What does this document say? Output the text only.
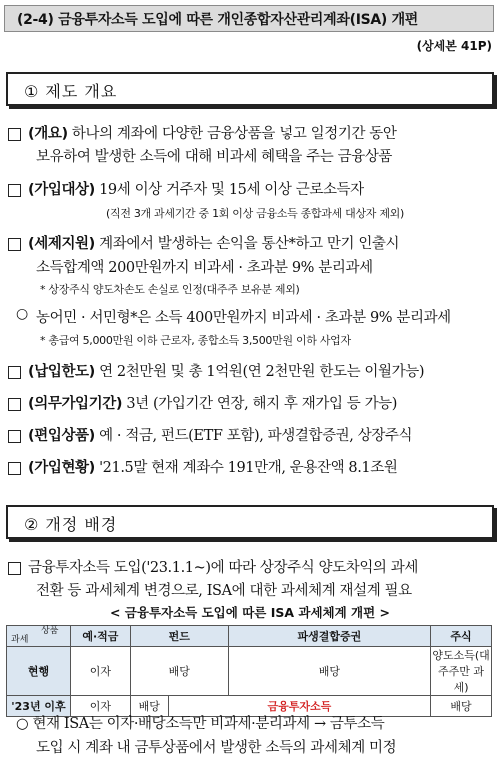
(2-4) 금융투자소득 도입에 따른 개인종합자산관리계좌(ISA) 개편
(상세본 41P)
① 제도 개요
(개요) 하나의 계좌에 다양한 금융상품을 넣고 일정기간 동안
보유하여 발생한 소득에 대해 비과세 혜택을 주는 금융상품
(가입대상) 19세 이상 거주자 및 15세 이상 근로소득자
(직전 3개 과세기간 중 1회 이상 금융소득 종합과세 대상자 제외)
(세제지원) 계좌에서 발생하는 손익을 통산*하고 만기 인출시
소득합계액 200만원까지 비과세 · 초과분 9% 분리과세
* 상장주식 양도차손도 손실로 인정(대주주 보유분 제외)
○ 농어민 · 서민형*은 소득 400만원까지 비과세 · 초과분 9% 분리과세
* 총급여 5,000만원 이하 근로자, 종합소득 3,500만원 이하 사업자
(납입한도) 연 2천만원 및 총 1억원(연 2천만원 한도는 이월가능)
(의무가입기간) 3년 (가입기간 연장, 해지 후 재가입 등 가능)
(편입상품) 예 · 적금, 펀드(ETF 포함), 파생결합증권, 상장주식
(가입현황) '21.5말 현재 계좌수 191만개, 운용잔액 8.1조원
② 개정 배경
금융투자소득 도입('23.1.1~)에 따라 상장주식 양도차익의 과세
전환 등 과세체계 변경으로, ISA에 대한 과세체계 재설계 필요
< 금융투자소득 도입에 따른 ISA 과세체계 개편 >
상품
과세	예·적금	펀드		파생결합증권	주식
현행	이자	배당		배당	양도소득(대주주만 과세)
'23년 이후	이자	배당	금융투자소득		배당
○ 현재 ISA는 이자·배당소득만 비과세·분리과세 → 금투소득
도입 시 계좌 내 금투상품에서 발생한 소득의 과세체계 미정
